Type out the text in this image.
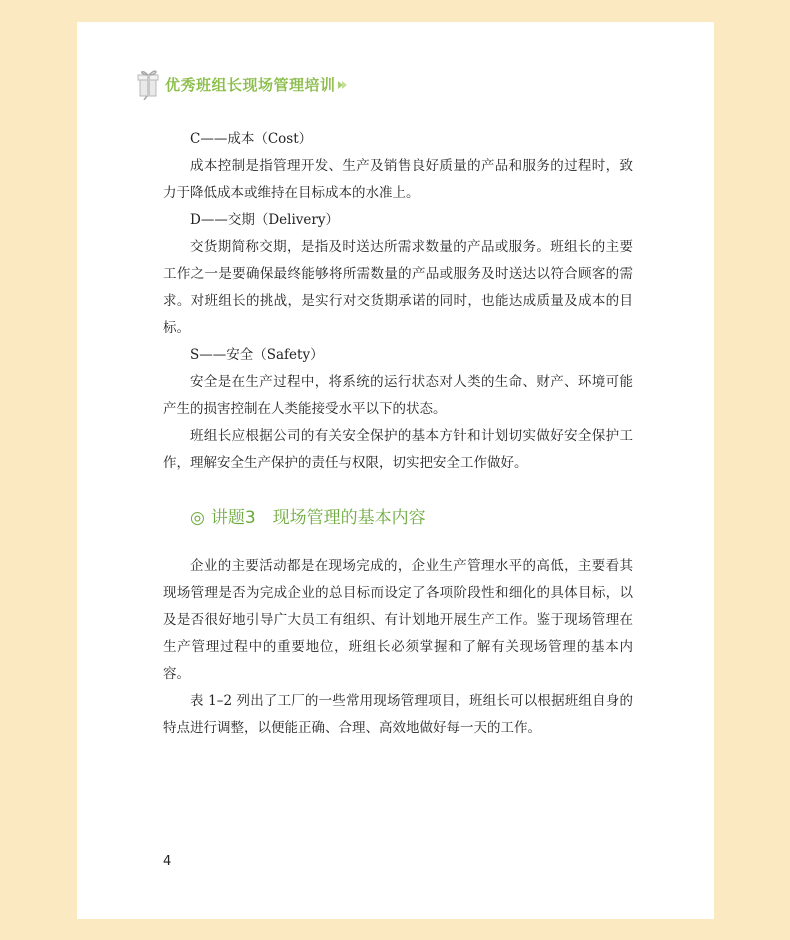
优秀班组长现场管理培训

C——成本（Cost）

成本控制是指管理开发、生产及销售良好质量的产品和服务的过程时，致力于降低成本或维持在目标成本的水准上。

D——交期（Delivery）

交货期简称交期，是指及时送达所需求数量的产品或服务。班组长的主要工作之一是要确保最终能够将所需数量的产品或服务及时送达以符合顾客的需求。对班组长的挑战，是实行对交货期承诺的同时，也能达成质量及成本的目标。

S——安全（Safety）

安全是在生产过程中，将系统的运行状态对人类的生命、财产、环境可能产生的损害控制在人类能接受水平以下的状态。

班组长应根据公司的有关安全保护的基本方针和计划切实做好安全保护工作，理解安全生产保护的责任与权限，切实把安全工作做好。

◎ 讲题3　现场管理的基本内容

企业的主要活动都是在现场完成的，企业生产管理水平的高低，主要看其现场管理是否为完成企业的总目标而设定了各项阶段性和细化的具体目标，以及是否很好地引导广大员工有组织、有计划地开展生产工作。鉴于现场管理在生产管理过程中的重要地位，班组长必须掌握和了解有关现场管理的基本内容。

表 1–2 列出了工厂的一些常用现场管理项目，班组长可以根据班组自身的特点进行调整，以便能正确、合理、高效地做好每一天的工作。

4
